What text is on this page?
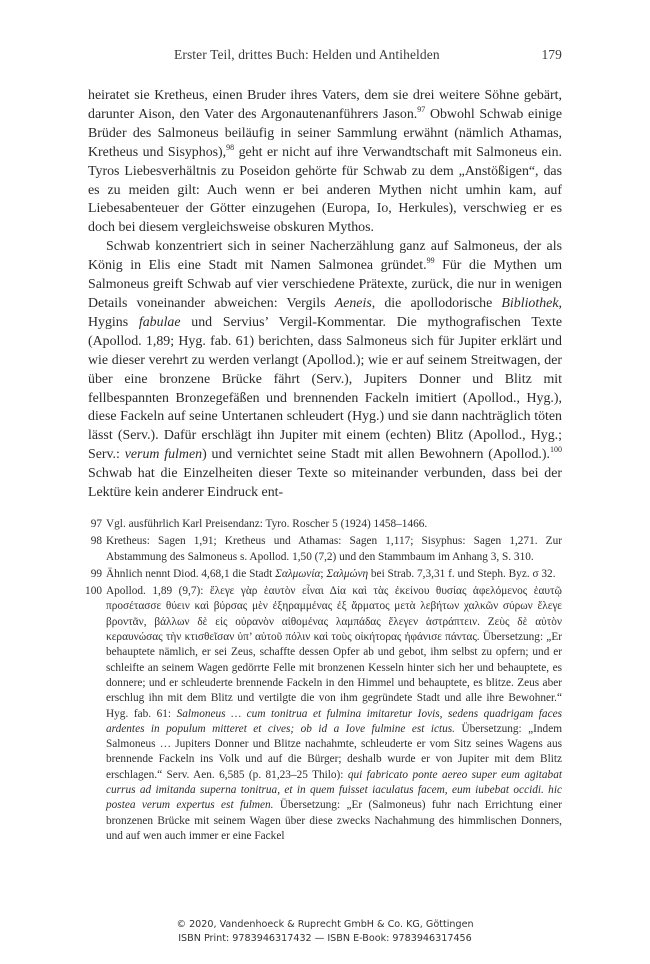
Erster Teil, drittes Buch: Helden und Antihelden	179

heiratet sie Kretheus, einen Bruder ihres Vaters, dem sie drei weitere Söhne gebärt, darunter Aison, den Vater des Argonautenanführers Jason.$^{97}$ Obwohl Schwab einige Brüder des Salmoneus beiläufig in seiner Sammlung erwähnt (nämlich Athamas, Kretheus und Sisyphos),$^{98}$ geht er nicht auf ihre Verwandtschaft mit Salmoneus ein. Tyros Liebesverhältnis zu Poseidon gehörte für Schwab zu dem „Anstößigen“, das es zu meiden gilt: Auch wenn er bei anderen Mythen nicht umhin kam, auf Liebesabenteuer der Götter einzugehen (Europa, Io, Herkules), verschwieg er es doch bei diesem vergleichsweise obskuren Mythos.

Schwab konzentriert sich in seiner Nacherzählung ganz auf Salmoneus, der als König in Elis eine Stadt mit Namen Salmonea gründet.$^{99}$ Für die Mythen um Salmoneus greift Schwab auf vier verschiedene Prätexte, zurück, die nur in wenigen Details voneinander abweichen: Vergils Aeneis, die apollodorische Bibliothek, Hygins fabulae und Servius’ Vergil-Kommentar. Die mythografischen Texte (Apollod. 1,89; Hyg. fab. 61) berichten, dass Salmoneus sich für Jupiter erklärt und wie dieser verehrt zu werden verlangt (Apollod.); wie er auf seinem Streitwagen, der über eine bronzene Brücke fährt (Serv.), Jupiters Donner und Blitz mit fellbespannten Bronzegefäßen und brennenden Fackeln imitiert (Apollod., Hyg.), diese Fackeln auf seine Untertanen schleudert (Hyg.) und sie dann nachträglich töten lässt (Serv.). Dafür erschlägt ihn Jupiter mit einem (echten) Blitz (Apollod., Hyg.; Serv.: verum fulmen) und vernichtet seine Stadt mit allen Bewohnern (Apollod.).$^{100}$ Schwab hat die Einzelheiten dieser Texte so miteinander verbunden, dass bei der Lektüre kein anderer Eindruck ent-

97 Vgl. ausführlich Karl Preisendanz: Tyro. Roscher 5 (1924) 1458–1466.
98 Kretheus: Sagen 1,91; Kretheus und Athamas: Sagen 1,117; Sisyphus: Sagen 1,271. Zur Abstammung des Salmoneus s. Apollod. 1,50 (7,2) und den Stammbaum im Anhang 3, S. 310.
99 Ähnlich nennt Diod. 4,68,1 die Stadt Σαλμωνία; Σαλμώνη bei Strab. 7,3,31 f. und Steph. Byz. σ 32.
100 Apollod. 1,89 (9,7): ἔλεγε γὰρ ἑαυτὸν εἶναι Δία καὶ τὰς ἐκείνου θυσίας ἀφελόμενος ἑαυτῷ προσέτασσε θύειν καὶ βύρσας μὲν ἐξηραμμένας ἐξ ἅρματος μετὰ λεβήτων χαλκῶν σύρων ἔλεγε βροντᾶν, βάλλων δὲ εἰς οὐρανὸν αἰθομένας λαμπάδας ἔλεγεν ἀστράπτειν. Ζεὺς δὲ αὐτὸν κεραυνώσας τὴν κτισθεῖσαν ὑπ’ αὐτοῦ πόλιν καὶ τοὺς οἰκήτορας ἠφάνισε πάντας. Übersetzung: „Er behauptete nämlich, er sei Zeus, schaffte dessen Opfer ab und gebot, ihm selbst zu opfern; und er schleifte an seinem Wagen gedörrte Felle mit bronzenen Kesseln hinter sich her und behauptete, es donnere; und er schleuderte brennende Fackeln in den Himmel und behauptete, es blitze. Zeus aber erschlug ihn mit dem Blitz und vertilgte die von ihm gegründete Stadt und alle ihre Bewohner.“ Hyg. fab. 61: Salmoneus … cum tonitrua et fulmina imitaretur Iovis, sedens quadrigam faces ardentes in populum mitteret et cives; ob id a Iove fulmine est ictus. Übersetzung: „Indem Salmoneus … Jupiters Donner und Blitze nachahmte, schleuderte er vom Sitz seines Wagens aus brennende Fackeln ins Volk und auf die Bürger; deshalb wurde er von Jupiter mit dem Blitz erschlagen.“ Serv. Aen. 6,585 (p. 81,23–25 Thilo): qui fabricato ponte aereo super eum agitabat currus ad imitanda superna tonitrua, et in quem fuisset iaculatus facem, eum iubebat occidi. hic postea verum expertus est fulmen. Übersetzung: „Er (Salmoneus) fuhr nach Errichtung einer bronzenen Brücke mit seinem Wagen über diese zwecks Nachahmung des himmlischen Donners, und auf wen auch immer er eine Fackel
© 2020, Vandenhoeck & Ruprecht GmbH & Co. KG, Göttingen
ISBN Print: 9783946317432 — ISBN E-Book: 9783946317456
